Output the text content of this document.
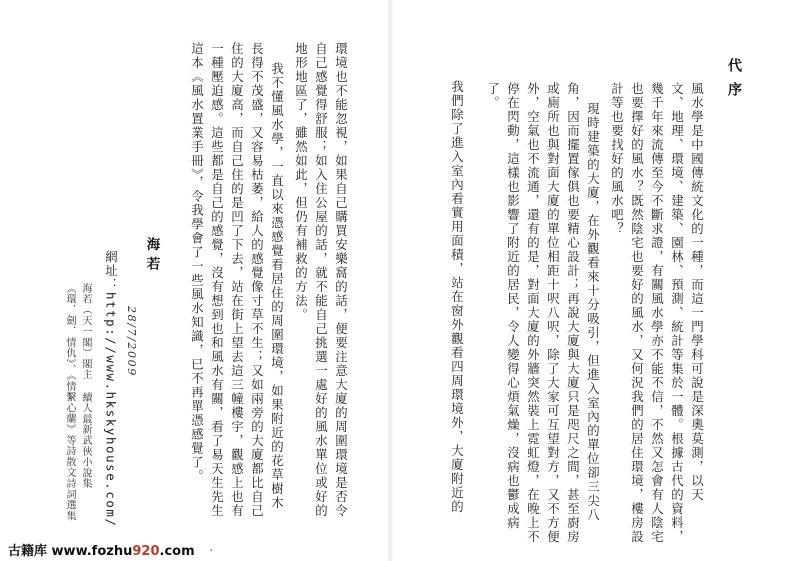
代序
風水學是中國傳統文化的一種，而這一門學科可說是深奧莫測，以天
文、地理、環境、建築、園林、預測、統計等集於一體。根據古代的資料，
幾千年來流傳至今不斷求證，有關風水學亦不能不信，不然又怎會有人陰宅
也要擇好的風水？既然陰宅也要好的風水，又何況我們的居住環境，樓房設
計等也要找好的風水吧？
現時建築的大廈，在外觀看來十分吸引，但進入室內的單位卻三尖八
角，因而擺置傢俱也要精心設計；再說大廈與大廈只是咫尺之間，甚至廚房
或廁所也與對面大廈的單位相距十呎八呎，除了大家可互望對方，又不方便
外，空氣也不流通，還有的是，對面大廈的外牆突然裝上霓虹燈，在晚上不
停在閃動，這樣也影響了附近的居民，令人變得心煩氣燥，沒病也鬱成病
了。
我們除了進入室內看實用面積，站在窗外觀看四周環境外，大廈附近的
環境也不能忽視，如果自己購買安樂窩的話，便要注意大廈的周圍環境是否令
自己感覺得舒服；如入住公屋的話，就不能自己挑選一處好的風水單位或好的
地形地區了，雖然如此，但仍有補救的方法。
我不懂風水學，一直以來憑感覺看居住的周圍環境，如果附近的花草樹木
長得不茂盛，又容易枯萎，給人的感覺像寸草不生；又如兩旁的大廈都比自己
住的大廈高，而自己住的是凹了下去，站在街上望去這三幢樓宇，觀感上也有
一種壓迫感。這些都是自己的感覺，沒有想到也和風水有關，看了易天生先生
這本《風水置業手冊》，令我學會了一些風水知識，已不再單憑感覺了。
海若
28/7/2009
網址：http://www.hkskyhouse.com/
海若（天一閣）閣主 續人最新武俠小說集
《環．劍．情仇》、《情繫心蘭》等詩散文詩詞選集
古籍库 www.fozhu920.com ·
